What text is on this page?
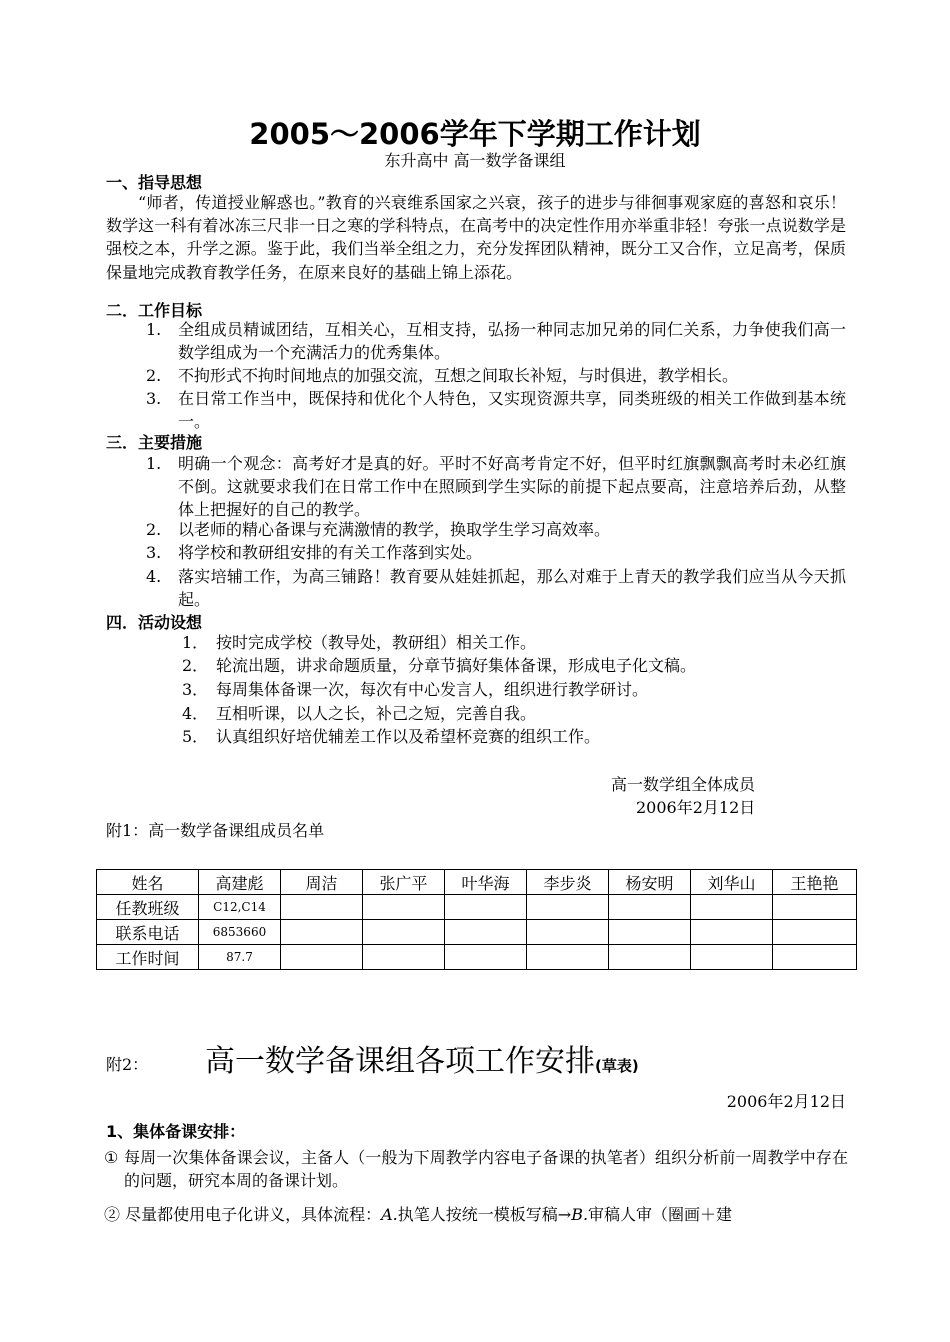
2005～2006学年下学期工作计划
东升高中 高一数学备课组
一、指导思想
“师者，传道授业解惑也。”教育的兴衰维系国家之兴衰，孩子的进步与徘徊事观家庭的喜怒和哀乐！数学这一科有着冰冻三尺非一日之寒的学科特点，在高考中的决定性作用亦举重非轻！夸张一点说数学是强校之本，升学之源。鉴于此，我们当举全组之力，充分发挥团队精神，既分工又合作，立足高考，保质保量地完成教育教学任务，在原来良好的基础上锦上添花。
二．工作目标
1.	全组成员精诚团结，互相关心，互相支持，弘扬一种同志加兄弟的同仁关系，力争使我们高一数学组成为一个充满活力的优秀集体。
2.	不拘形式不拘时间地点的加强交流，互想之间取长补短，与时俱进，教学相长。
3.	在日常工作当中，既保持和优化个人特色，又实现资源共享，同类班级的相关工作做到基本统一。
三．主要措施
1.	明确一个观念：高考好才是真的好。平时不好高考肯定不好，但平时红旗飘飘高考时未必红旗不倒。这就要求我们在日常工作中在照顾到学生实际的前提下起点要高，注意培养后劲，从整体上把握好的自己的教学。
2.	以老师的精心备课与充满激情的教学，换取学生学习高效率。
3.	将学校和教研组安排的有关工作落到实处。
4.	落实培辅工作，为高三铺路！教育要从娃娃抓起，那么对难于上青天的教学我们应当从今天抓起。
四．活动设想
1． 按时完成学校（教导处，教研组）相关工作。
2． 轮流出题，讲求命题质量，分章节搞好集体备课，形成电子化文稿。
3． 每周集体备课一次，每次有中心发言人，组织进行教学研讨。
4． 互相听课，以人之长，补己之短，完善自我。
5． 认真组织好培优辅差工作以及希望杯竞赛的组织工作。
高一数学组全体成员
2006年2月12日
附1：高一数学备课组成员名单
姓名	高建彪	周洁	张广平	叶华海	李步炎	杨安明	刘华山	王艳艳
任教班级	C12,C14							
联系电话	6853660							
工作时间	87.7							
附2： 高一数学备课组各项工作安排(草表)
2006年2月12日
1、集体备课安排：
① 每周一次集体备课会议，主备人（一般为下周教学内容电子备课的执笔者）组织分析前一周教学中存在的问题，研究本周的备课计划。
② 尽量都使用电子化讲义，具体流程：A.执笔人按统一模板写稿→B.审稿人审（圈画＋建
